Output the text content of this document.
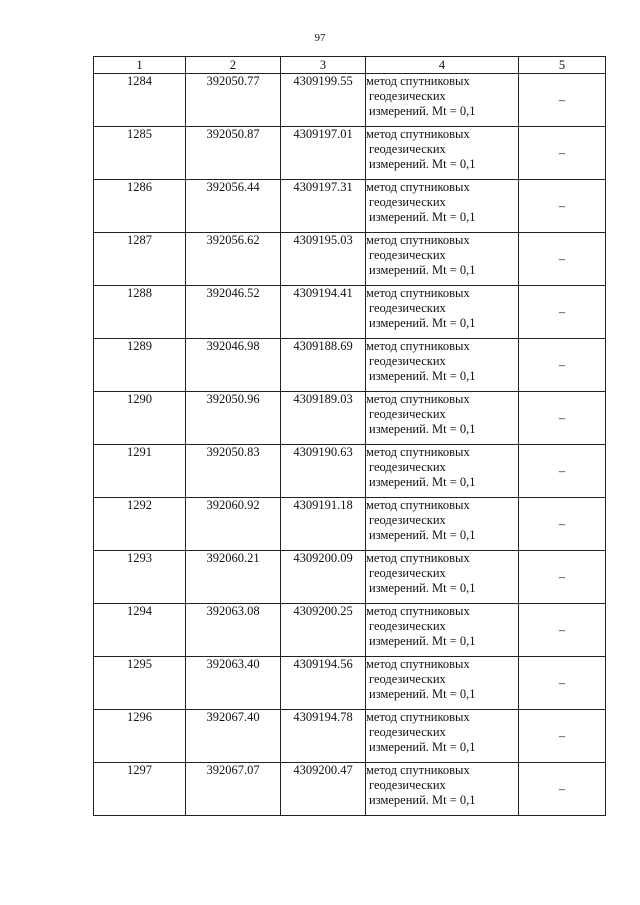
97
1	2	3	4	5
1284	392050.77	4309199.55	метод спутниковых
геодезических
измерений. Mt = 0,1	–
1285	392050.87	4309197.01	метод спутниковых
геодезических
измерений. Mt = 0,1	–
1286	392056.44	4309197.31	метод спутниковых
геодезических
измерений. Mt = 0,1	–
1287	392056.62	4309195.03	метод спутниковых
геодезических
измерений. Mt = 0,1	–
1288	392046.52	4309194.41	метод спутниковых
геодезических
измерений. Mt = 0,1	–
1289	392046.98	4309188.69	метод спутниковых
геодезических
измерений. Mt = 0,1	–
1290	392050.96	4309189.03	метод спутниковых
геодезических
измерений. Mt = 0,1	–
1291	392050.83	4309190.63	метод спутниковых
геодезических
измерений. Mt = 0,1	–
1292	392060.92	4309191.18	метод спутниковых
геодезических
измерений. Mt = 0,1	–
1293	392060.21	4309200.09	метод спутниковых
геодезических
измерений. Mt = 0,1	–
1294	392063.08	4309200.25	метод спутниковых
геодезических
измерений. Mt = 0,1	–
1295	392063.40	4309194.56	метод спутниковых
геодезических
измерений. Mt = 0,1	–
1296	392067.40	4309194.78	метод спутниковых
геодезических
измерений. Mt = 0,1	–
1297	392067.07	4309200.47	метод спутниковых
геодезических
измерений. Mt = 0,1	–
